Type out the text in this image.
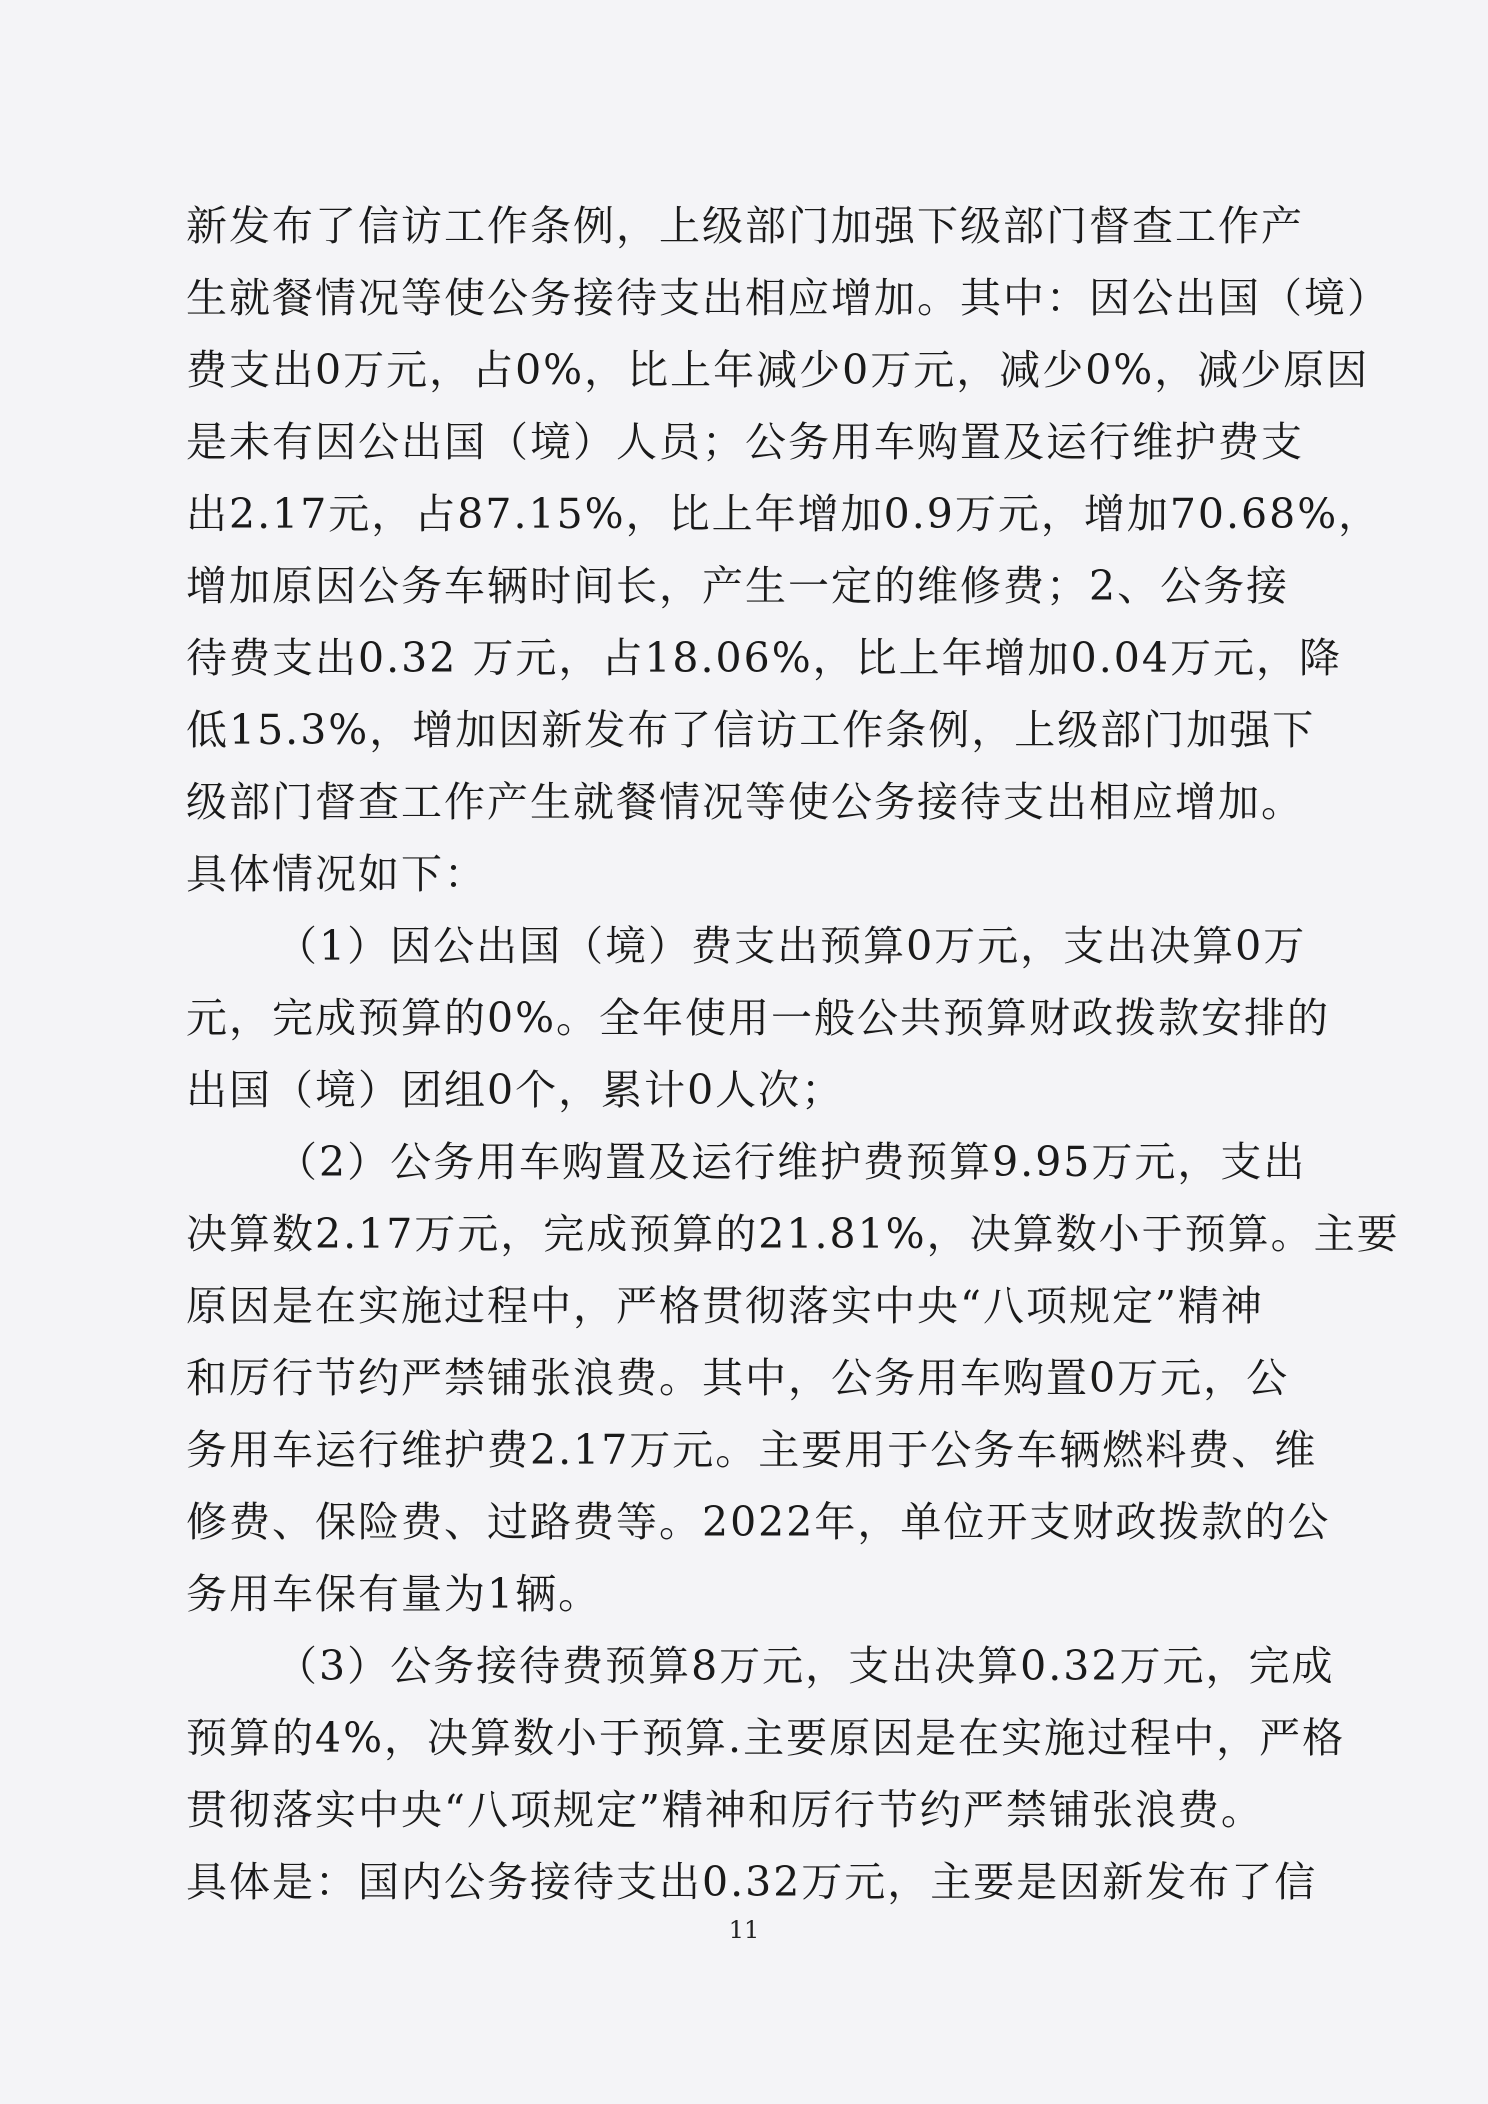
新发布了信访工作条例，上级部门加强下级部门督查工作产
生就餐情况等使公务接待支出相应增加。其中：因公出国（境）
费支出0万元，占0%，比上年减少0万元，减少0%，减少原因
是未有因公出国（境）人员；公务用车购置及运行维护费支
出2.17元，占87.15%，比上年增加0.9万元，增加70.68%，
增加原因公务车辆时间长，产生一定的维修费；2、公务接
待费支出0.32 万元，占18.06%，比上年增加0.04万元，降
低15.3%，增加因新发布了信访工作条例，上级部门加强下
级部门督查工作产生就餐情况等使公务接待支出相应增加。
具体情况如下：
（1）因公出国（境）费支出预算0万元，支出决算0万
元，完成预算的0%。全年使用一般公共预算财政拨款安排的
出国（境）团组0个，累计0人次；
（2）公务用车购置及运行维护费预算9.95万元，支出
决算数2.17万元，完成预算的21.81%，决算数小于预算。主要
原因是在实施过程中，严格贯彻落实中央“八项规定”精神
和厉行节约严禁铺张浪费。其中，公务用车购置0万元，公
务用车运行维护费2.17万元。主要用于公务车辆燃料费、维
修费、保险费、过路费等。2022年，单位开支财政拨款的公
务用车保有量为1辆。
（3）公务接待费预算8万元，支出决算0.32万元，完成
预算的4%，决算数小于预算.主要原因是在实施过程中，严格
贯彻落实中央“八项规定”精神和厉行节约严禁铺张浪费。
具体是：国内公务接待支出0.32万元，主要是因新发布了信
11
